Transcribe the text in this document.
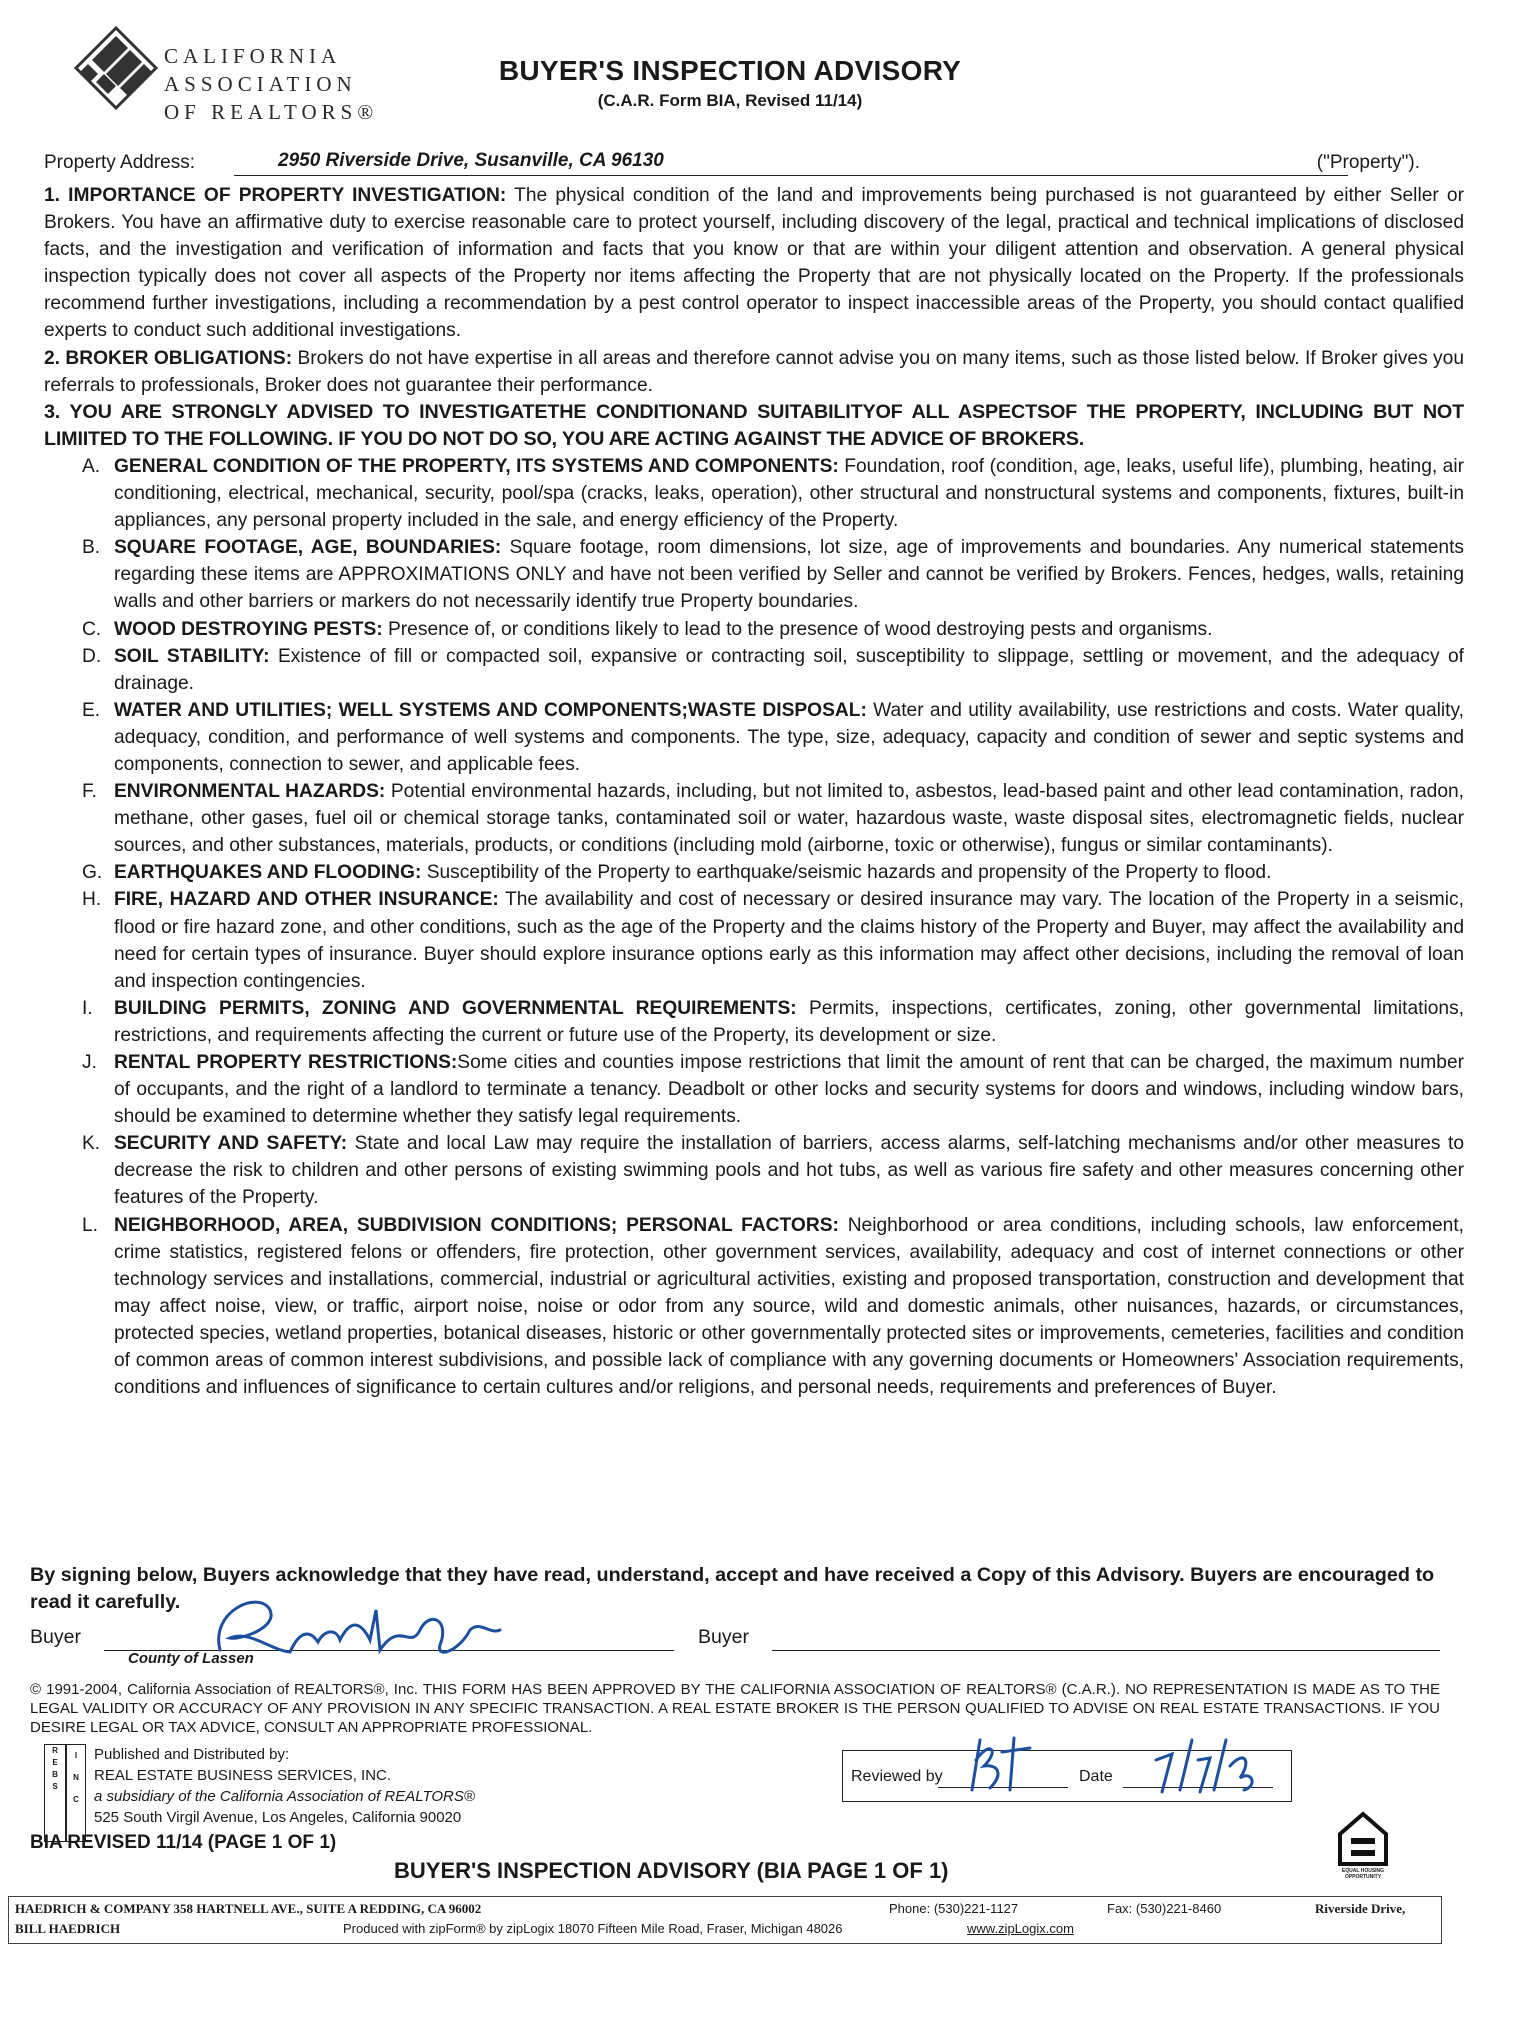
CALIFORNIA
ASSOCIATION
OF REALTORS®
BUYER'S INSPECTION ADVISORY
(C.A.R. Form BIA, Revised 11/14)
Property Address:	2950 Riverside Drive, Susanville, CA 96130	("Property").

1. IMPORTANCE OF PROPERTY INVESTIGATION: The physical condition of the land and improvements being purchased is not guaranteed by either Seller or Brokers. You have an affirmative duty to exercise reasonable care to protect yourself, including discovery of the legal, practical and technical implications of disclosed facts, and the investigation and verification of information and facts that you know or that are within your diligent attention and observation. A general physical inspection typically does not cover all aspects of the Property nor items affecting the Property that are not physically located on the Property. If the professionals recommend further investigations, including a recommendation by a pest control operator to inspect inaccessible areas of the Property, you should contact qualified experts to conduct such additional investigations.

2. BROKER OBLIGATIONS: Brokers do not have expertise in all areas and therefore cannot advise you on many items, such as those listed below. If Broker gives you referrals to professionals, Broker does not guarantee their performance.

3. YOU ARE STRONGLY ADVISED TO INVESTIGATETHE CONDITIONAND SUITABILITYOF ALL ASPECTSOF THE PROPERTY, INCLUDING BUT NOT LIMIITED TO THE FOLLOWING. IF YOU DO NOT DO SO, YOU ARE ACTING AGAINST THE ADVICE OF BROKERS.

A. GENERAL CONDITION OF THE PROPERTY, ITS SYSTEMS AND COMPONENTS: Foundation, roof (condition, age, leaks, useful life), plumbing, heating, air conditioning, electrical, mechanical, security, pool/spa (cracks, leaks, operation), other structural and nonstructural systems and components, fixtures, built-in appliances, any personal property included in the sale, and energy efficiency of the Property.
B. SQUARE FOOTAGE, AGE, BOUNDARIES: Square footage, room dimensions, lot size, age of improvements and boundaries. Any numerical statements regarding these items are APPROXIMATIONS ONLY and have not been verified by Seller and cannot be verified by Brokers. Fences, hedges, walls, retaining walls and other barriers or markers do not necessarily identify true Property boundaries.
C. WOOD DESTROYING PESTS: Presence of, or conditions likely to lead to the presence of wood destroying pests and organisms.
D. SOIL STABILITY: Existence of fill or compacted soil, expansive or contracting soil, susceptibility to slippage, settling or movement, and the adequacy of drainage.
E. WATER AND UTILITIES; WELL SYSTEMS AND COMPONENTS;WASTE DISPOSAL: Water and utility availability, use restrictions and costs. Water quality, adequacy, condition, and performance of well systems and components. The type, size, adequacy, capacity and condition of sewer and septic systems and components, connection to sewer, and applicable fees.
F. ENVIRONMENTAL HAZARDS: Potential environmental hazards, including, but not limited to, asbestos, lead-based paint and other lead contamination, radon, methane, other gases, fuel oil or chemical storage tanks, contaminated soil or water, hazardous waste, waste disposal sites, electromagnetic fields, nuclear sources, and other substances, materials, products, or conditions (including mold (airborne, toxic or otherwise), fungus or similar contaminants).
G. EARTHQUAKES AND FLOODING: Susceptibility of the Property to earthquake/seismic hazards and propensity of the Property to flood.
H. FIRE, HAZARD AND OTHER INSURANCE: The availability and cost of necessary or desired insurance may vary. The location of the Property in a seismic, flood or fire hazard zone, and other conditions, such as the age of the Property and the claims history of the Property and Buyer, may affect the availability and need for certain types of insurance. Buyer should explore insurance options early as this information may affect other decisions, including the removal of loan and inspection contingencies.
I.	BUILDING PERMITS, ZONING AND GOVERNMENTAL REQUIREMENTS: Permits, inspections, certificates, zoning, other governmental limitations, restrictions, and requirements affecting the current or future use of the Property, its development or size.
J. RENTAL PROPERTY RESTRICTIONS:Some cities and counties impose restrictions that limit the amount of rent that can be charged, the maximum number of occupants, and the right of a landlord to terminate a tenancy. Deadbolt or other locks and security systems for doors and windows, including window bars, should be examined to determine whether they satisfy legal requirements.
K. SECURITY AND SAFETY: State and local Law may require the installation of barriers, access alarms, self-latching mechanisms and/or other measures to decrease the risk to children and other persons of existing swimming pools and hot tubs, as well as various fire safety and other measures concerning other features of the Property.
L. NEIGHBORHOOD, AREA, SUBDIVISION CONDITIONS; PERSONAL FACTORS: Neighborhood or area conditions, including schools, law enforcement, crime statistics, registered felons or offenders, fire protection, other government services, availability, adequacy and cost of internet connections or other technology services and installations, commercial, industrial or agricultural activities, existing and proposed transportation, construction and development that may affect noise, view, or traffic, airport noise, noise or odor from any source, wild and domestic animals, other nuisances, hazards, or circumstances, protected species, wetland properties, botanical diseases, historic or other governmentally protected sites or improvements, cemeteries, facilities and condition of common areas of common interest subdivisions, and possible lack of compliance with any governing documents or Homeowners' Association requirements, conditions and influences of significance to certain cultures and/or religions, and personal needs, requirements and preferences of Buyer.
By signing below, Buyers acknowledge that they have read, understand, accept and have received a Copy of this Advisory. Buyers are encouraged to read it carefully.
Buyer	Buyer
County of Lassen
© 1991-2004, California Association of REALTORS®, Inc. THIS FORM HAS BEEN APPROVED BY THE CALIFORNIA ASSOCIATION OF REALTORS® (C.A.R.). NO REPRESENTATION IS MADE AS TO THE LEGAL VALIDITY OR ACCURACY OF ANY PROVISION IN ANY SPECIFIC TRANSACTION. A REAL ESTATE BROKER IS THE PERSON QUALIFIED TO ADVISE ON REAL ESTATE TRANSACTIONS. IF YOU DESIRE LEGAL OR TAX ADVICE, CONSULT AN APPROPRIATE PROFESSIONAL.
R
E
B
S
I
N
C
Published and Distributed by:
REAL ESTATE BUSINESS SERVICES, INC.
a subsidiary of the California Association of REALTORS®
525 South Virgil Avenue, Los Angeles, California 90020
Reviewed by	Date
BIA REVISED 11/14 (PAGE 1 OF 1)
BUYER'S INSPECTION ADVISORY (BIA PAGE 1 OF 1)	EQUAL HOUSING OPPORTUNITY
HAEDRICH & COMPANY 358 HARTNELL AVE., SUITE A REDDING, CA 96002
BILL HAEDRICH
Phone: (530)221-1127	Fax: (530)221-8460	Riverside Drive,
Produced with zipForm® by zipLogix 18070 Fifteen Mile Road, Fraser, Michigan 48026	www.zipLogix.com
